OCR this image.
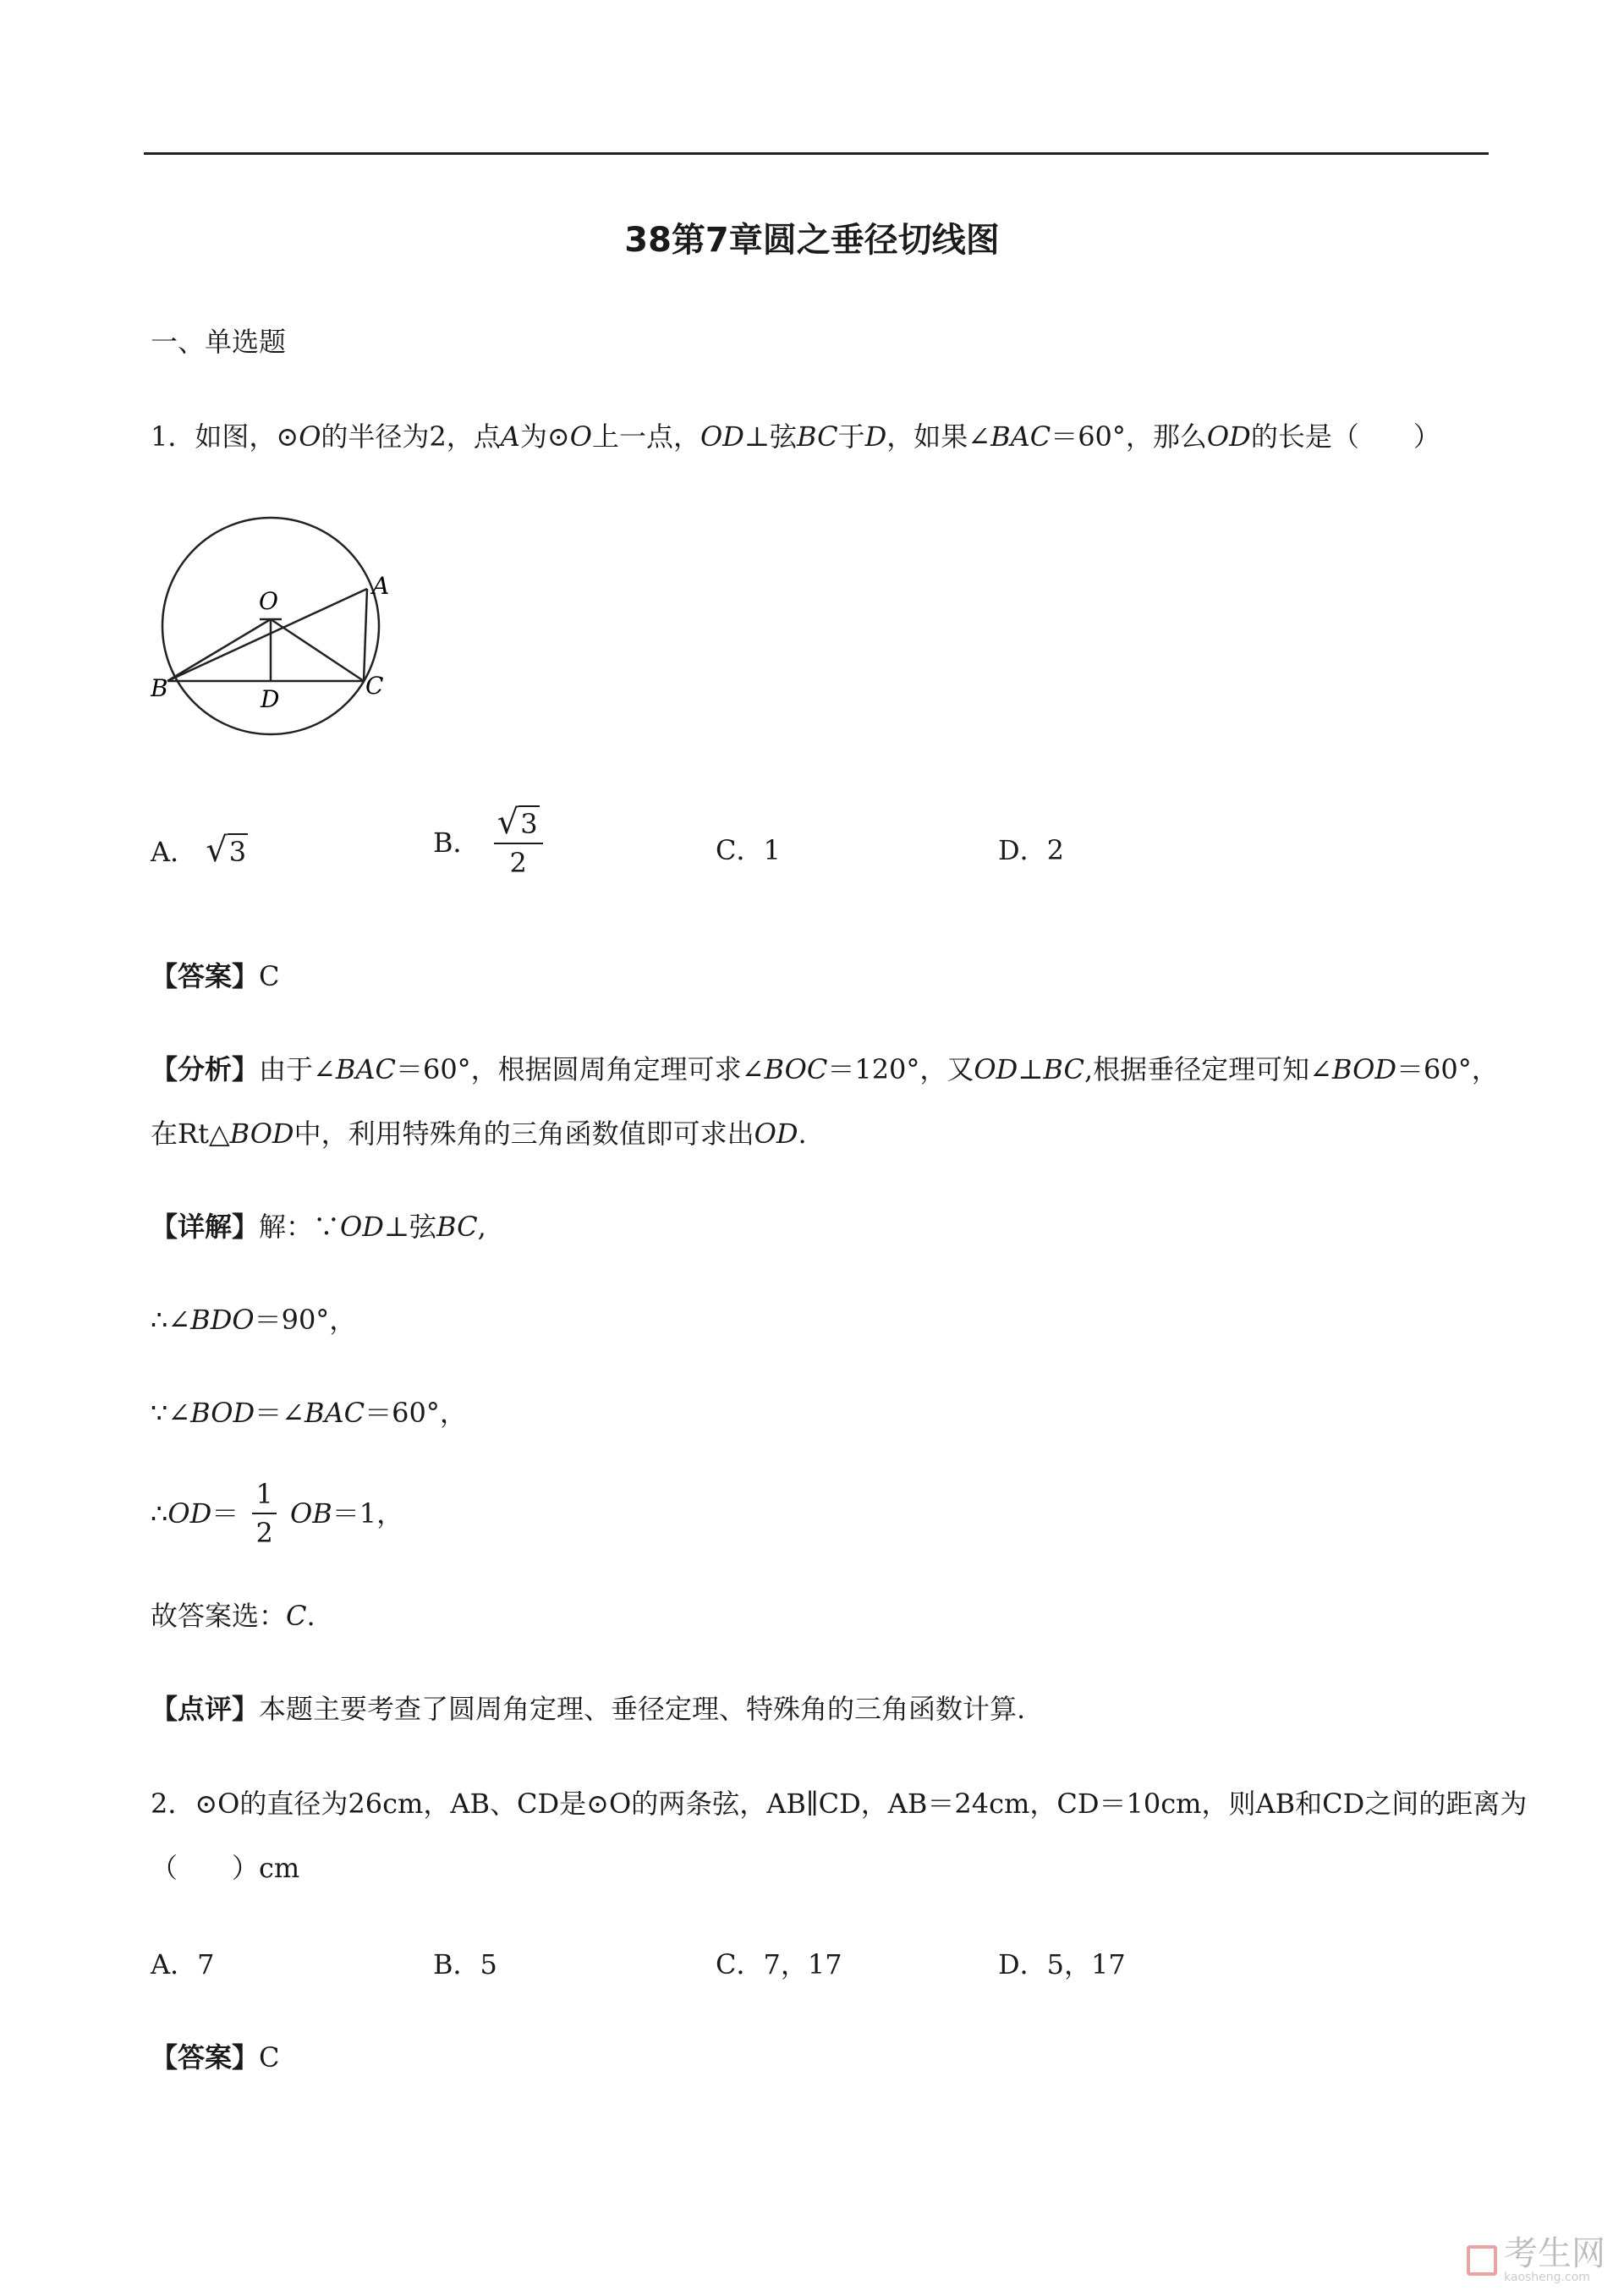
38第7章圆之垂径切线图
一、单选题
1．如图，⊙O的半径为2，点A为⊙O上一点，OD⊥弦BC于D，如果∠BAC＝60°，那么OD的长是（　　）
O
A
B	C
D
A． √ 3	B． $\frac{√ 3}{2}$	C．1	D．2
【答案】C
【分析】由于∠BAC＝60°，根据圆周角定理可求∠BOC＝120°，又OD⊥BC,根据垂径定理可知∠BOD＝60°，
在Rt△BOD中，利用特殊角的三角函数值即可求出OD.
【详解】解：∵OD⊥弦BC,
∴∠BDO＝90°，
∵∠BOD＝∠BAC＝60°，
∴OD＝ $\frac{1}{2} OB=1$，
故答案选：C.
【点评】本题主要考查了圆周角定理、垂径定理、特殊角的三角函数计算.
2．⊙O的直径为26cm，AB、CD是⊙O的两条弦，AB∥CD，AB＝24cm，CD＝10cm，则AB和CD之间的距离为
（　　）cm
A．7	B．5	C．7，17	D．5，17
【答案】C
考生网
kaosheng.com
